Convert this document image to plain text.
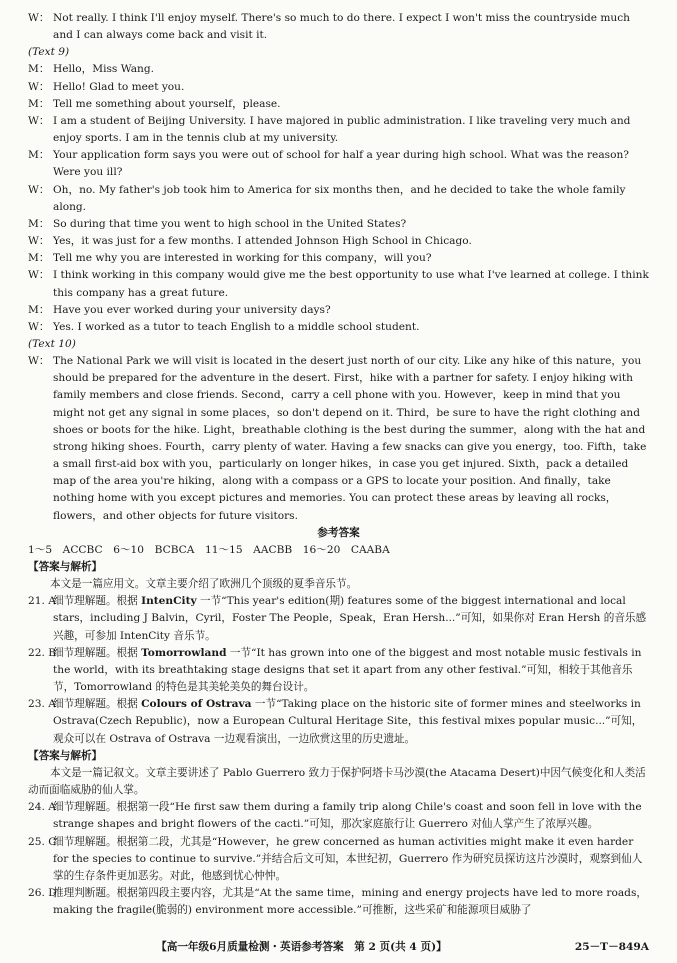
W： Not really. I think I'll enjoy myself. There's so much to do there. I expect I won't miss the countryside much and I can always come back and visit it.

(Text 9)

M： Hello，Miss Wang.

W： Hello! Glad to meet you.

M： Tell me something about yourself，please.

W： I am a student of Beijing University. I have majored in public administration. I like traveling very much and enjoy sports. I am in the tennis club at my university.

M： Your application form says you were out of school for half a year during high school. What was the reason? Were you ill?

W： Oh，no. My father's job took him to America for six months then，and he decided to take the whole family along.

M： So during that time you went to high school in the United States?

W： Yes，it was just for a few months. I attended Johnson High School in Chicago.

M： Tell me why you are interested in working for this company，will you?

W： I think working in this company would give me the best opportunity to use what I've learned at college. I think this company has a great future.

M： Have you ever worked during your university days?

W： Yes. I worked as a tutor to teach English to a middle school student.

(Text 10)

W： The National Park we will visit is located in the desert just north of our city. Like any hike of this nature，you should be prepared for the adventure in the desert. First，hike with a partner for safety. I enjoy hiking with family members and close friends. Second，carry a cell phone with you. However，keep in mind that you might not get any signal in some places，so don't depend on it. Third，be sure to have the right clothing and shoes or boots for the hike. Light，breathable clothing is the best during the summer，along with the hat and strong hiking shoes. Fourth，carry plenty of water. Having a few snacks can give you energy，too. Fifth，take a small first-aid box with you，particularly on longer hikes，in case you get injured. Sixth，pack a detailed map of the area you're hiking，along with a compass or a GPS to locate your position. And finally，take nothing home with you except pictures and memories. You can protect these areas by leaving all rocks，flowers，and other objects for future visitors.

参考答案

1～5　ACCBC　6～10　BCBCA　11～15　AACBB　16～20　CAABA

【答案与解析】

本文是一篇应用文。文章主要介绍了欧洲几个顶级的夏季音乐节。

21. A
细节理解题。根据 IntenCity 一节“This year's edition(期) features some of the biggest international and local stars，including J Balvin，Cyril，Foster The People，Speak，Eran Hersh...”可知，如果你对 Eran Hersh 的音乐感兴趣，可参加 IntenCity 音乐节。

22. B
细节理解题。根据 Tomorrowland 一节“It has grown into one of the biggest and most notable music festivals in the world，with its breathtaking stage designs that set it apart from any other festival.”可知，相较于其他音乐节，Tomorrowland 的特色是其美轮美奂的舞台设计。

23. A
细节理解题。根据 Colours of Ostrava 一节“Taking place on the historic site of former mines and steelworks in Ostrava(Czech Republic)，now a European Cultural Heritage Site，this festival mixes popular music...”可知，观众可以在 Ostrava of Ostrava 一边观看演出，一边欣赏这里的历史遗址。

【答案与解析】

本文是一篇记叙文。文章主要讲述了 Pablo Guerrero 致力于保护阿塔卡马沙漠(the Atacama Desert)中因气候变化和人类活动而面临威胁的仙人掌。

24. A
细节理解题。根据第一段“He first saw them during a family trip along Chile's coast and soon fell in love with the strange shapes and bright flowers of the cacti.”可知，那次家庭旅行让 Guerrero 对仙人掌产生了浓厚兴趣。

25. C
细节理解题。根据第二段，尤其是“However，he grew concerned as human activities might make it even harder for the species to continue to survive.”并结合后文可知，本世纪初，Guerrero 作为研究员探访这片沙漠时，观察到仙人掌的生存条件更加恶劣。对此，他感到忧心忡忡。

26. D
推理判断题。根据第四段主要内容，尤其是“At the same time，mining and energy projects have led to more roads，making the fragile(脆弱的) environment more accessible.”可推断，这些采矿和能源项目威胁了

【高一年级6月质量检测・英语参考答案　第 2 页(共 4 页)】	25－T－849A
